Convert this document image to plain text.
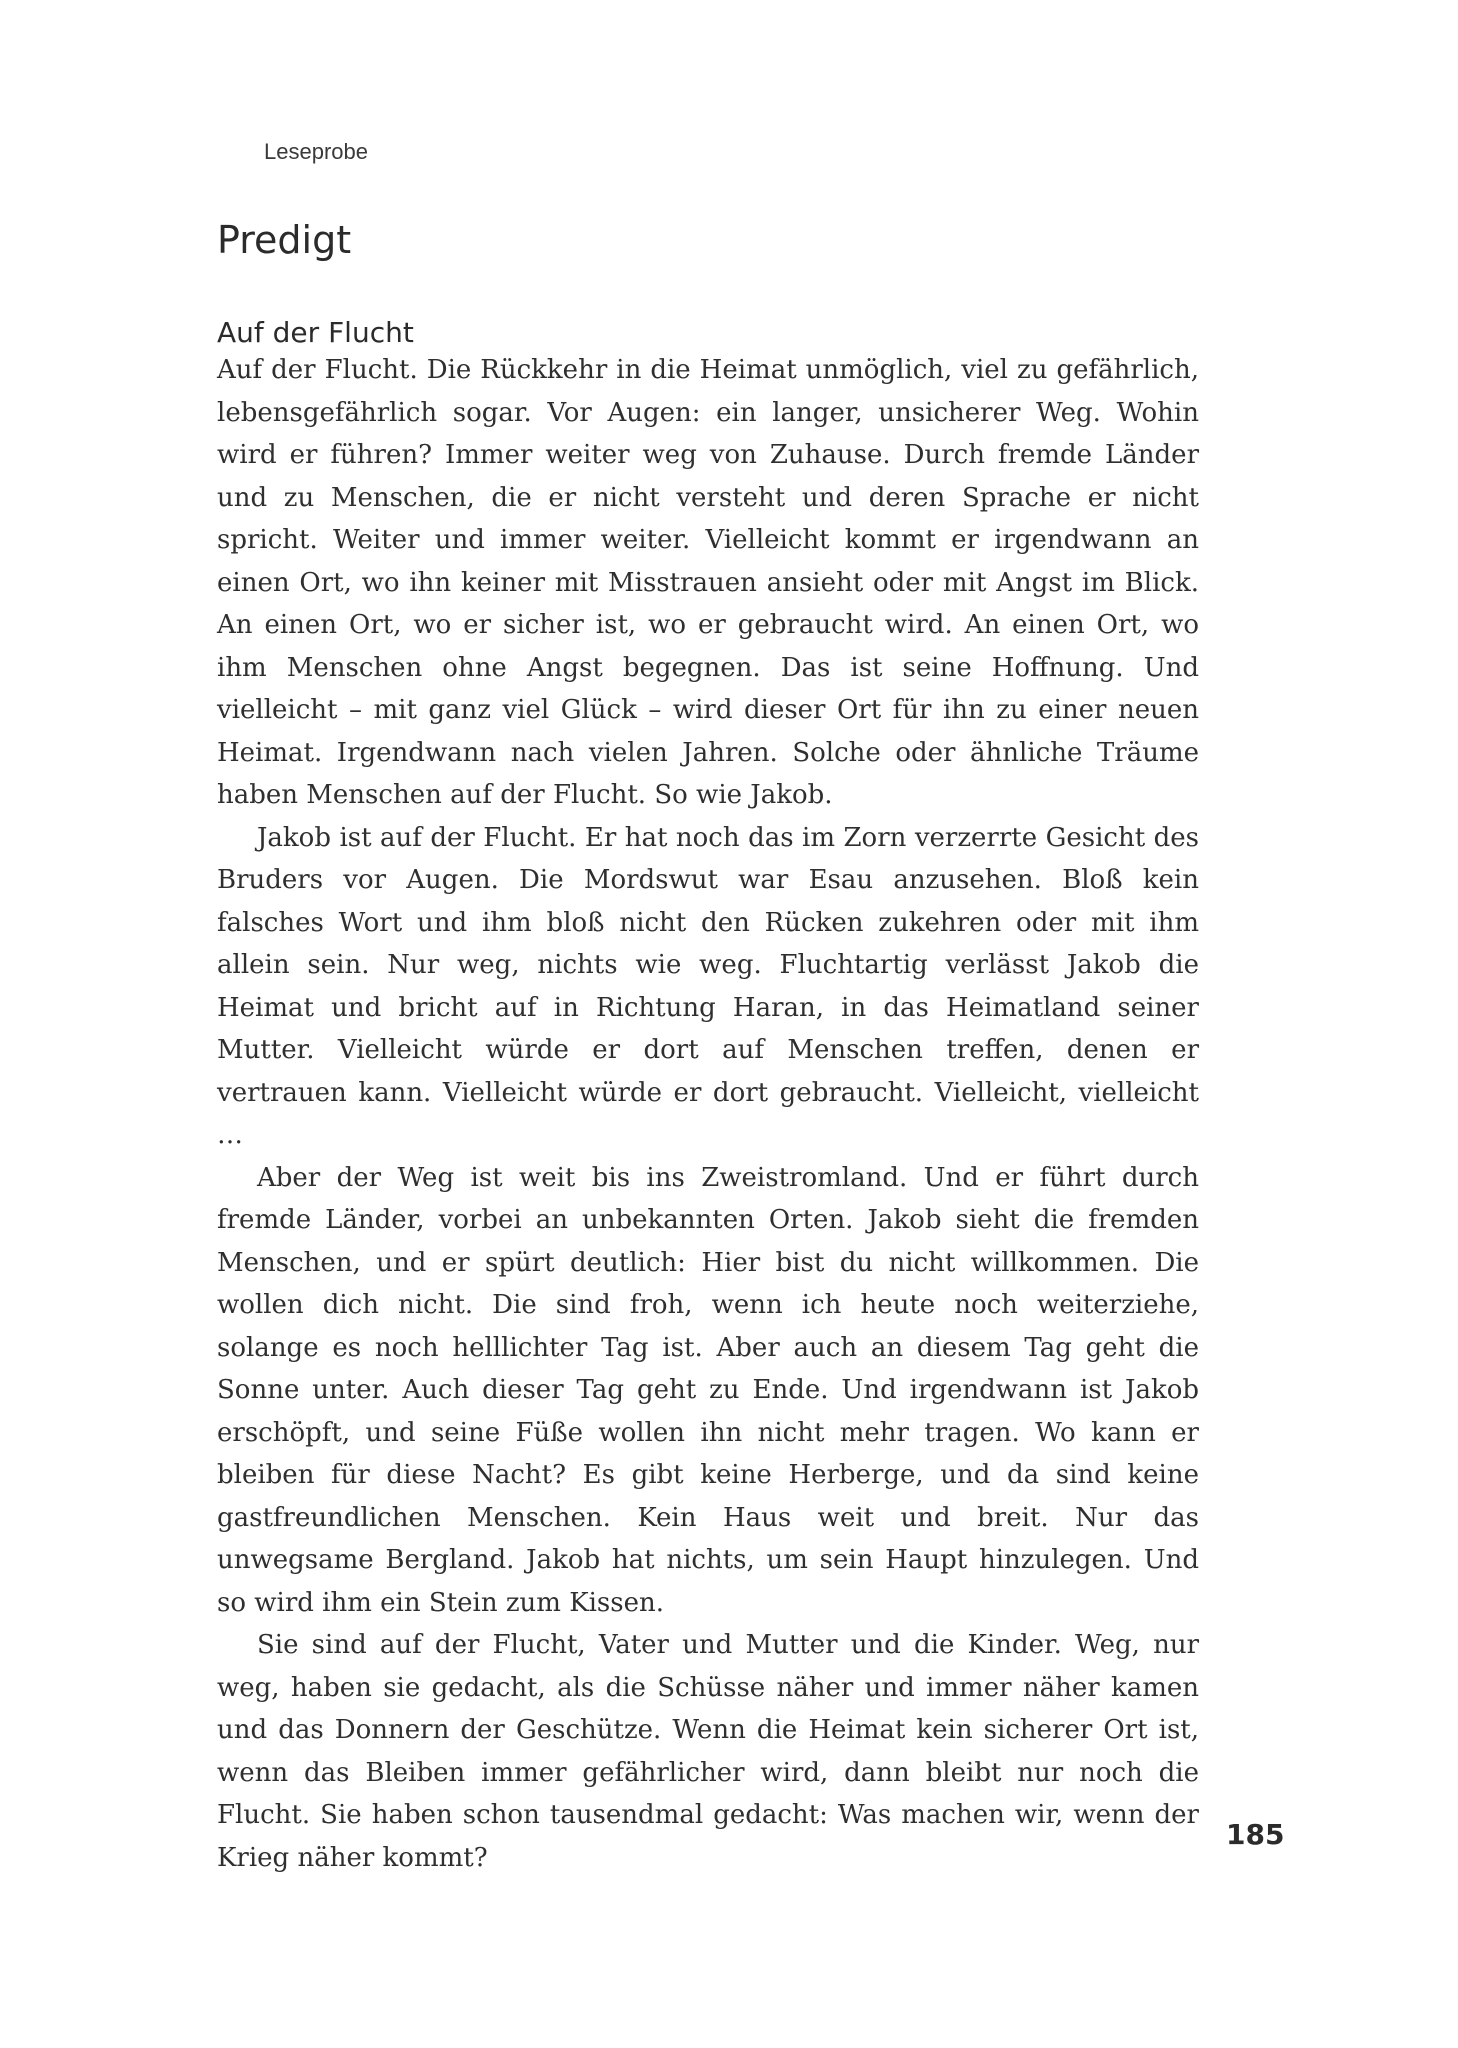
Leseprobe
Predigt
Auf der Flucht

Auf der Flucht. Die Rückkehr in die Heimat unmöglich, viel zu gefährlich, lebensgefährlich sogar. Vor Augen: ein langer, unsicherer Weg. Wohin wird er führen? Immer weiter weg von Zuhause. Durch fremde Länder und zu Menschen, die er nicht versteht und deren Sprache er nicht spricht. Weiter und immer weiter. Vielleicht kommt er irgendwann an einen Ort, wo ihn keiner mit Misstrauen ansieht oder mit Angst im Blick. An einen Ort, wo er sicher ist, wo er gebraucht wird. An einen Ort, wo ihm Menschen ohne Angst begegnen. Das ist seine Hoffnung. Und vielleicht – mit ganz viel Glück – wird dieser Ort für ihn zu einer neuen Heimat. Irgendwann nach vielen Jahren. Solche oder ähnliche Träume haben Menschen auf der Flucht. So wie Jakob.

Jakob ist auf der Flucht. Er hat noch das im Zorn verzerrte Gesicht des Bruders vor Augen. Die Mordswut war Esau anzusehen. Bloß kein falsches Wort und ihm bloß nicht den Rücken zukehren oder mit ihm allein sein. Nur weg, nichts wie weg. Fluchtartig verlässt Jakob die Heimat und bricht auf in Richtung Haran, in das Heimatland seiner Mutter. Vielleicht würde er dort auf Menschen treffen, denen er vertrauen kann. Vielleicht würde er dort gebraucht. Vielleicht, vielleicht …

Aber der Weg ist weit bis ins Zweistromland. Und er führt durch fremde Länder, vorbei an unbekannten Orten. Jakob sieht die fremden Menschen, und er spürt deutlich: Hier bist du nicht willkommen. Die wollen dich nicht. Die sind froh, wenn ich heute noch weiterziehe, solange es noch helllichter Tag ist. Aber auch an diesem Tag geht die Sonne unter. Auch dieser Tag geht zu Ende. Und irgendwann ist Jakob erschöpft, und seine Füße wollen ihn nicht mehr tragen. Wo kann er bleiben für diese Nacht? Es gibt keine Herberge, und da sind keine gastfreundlichen Menschen. Kein Haus weit und breit. Nur das unwegsame Bergland. Jakob hat nichts, um sein Haupt hinzulegen. Und so wird ihm ein Stein zum Kissen.

Sie sind auf der Flucht, Vater und Mutter und die Kinder. Weg, nur weg, haben sie gedacht, als die Schüsse näher und immer näher kamen und das Donnern der Geschütze. Wenn die Heimat kein sicherer Ort ist, wenn das Bleiben immer gefährlicher wird, dann bleibt nur noch die Flucht. Sie haben schon tausendmal gedacht: Was machen wir, wenn der Krieg näher kommt?

185
